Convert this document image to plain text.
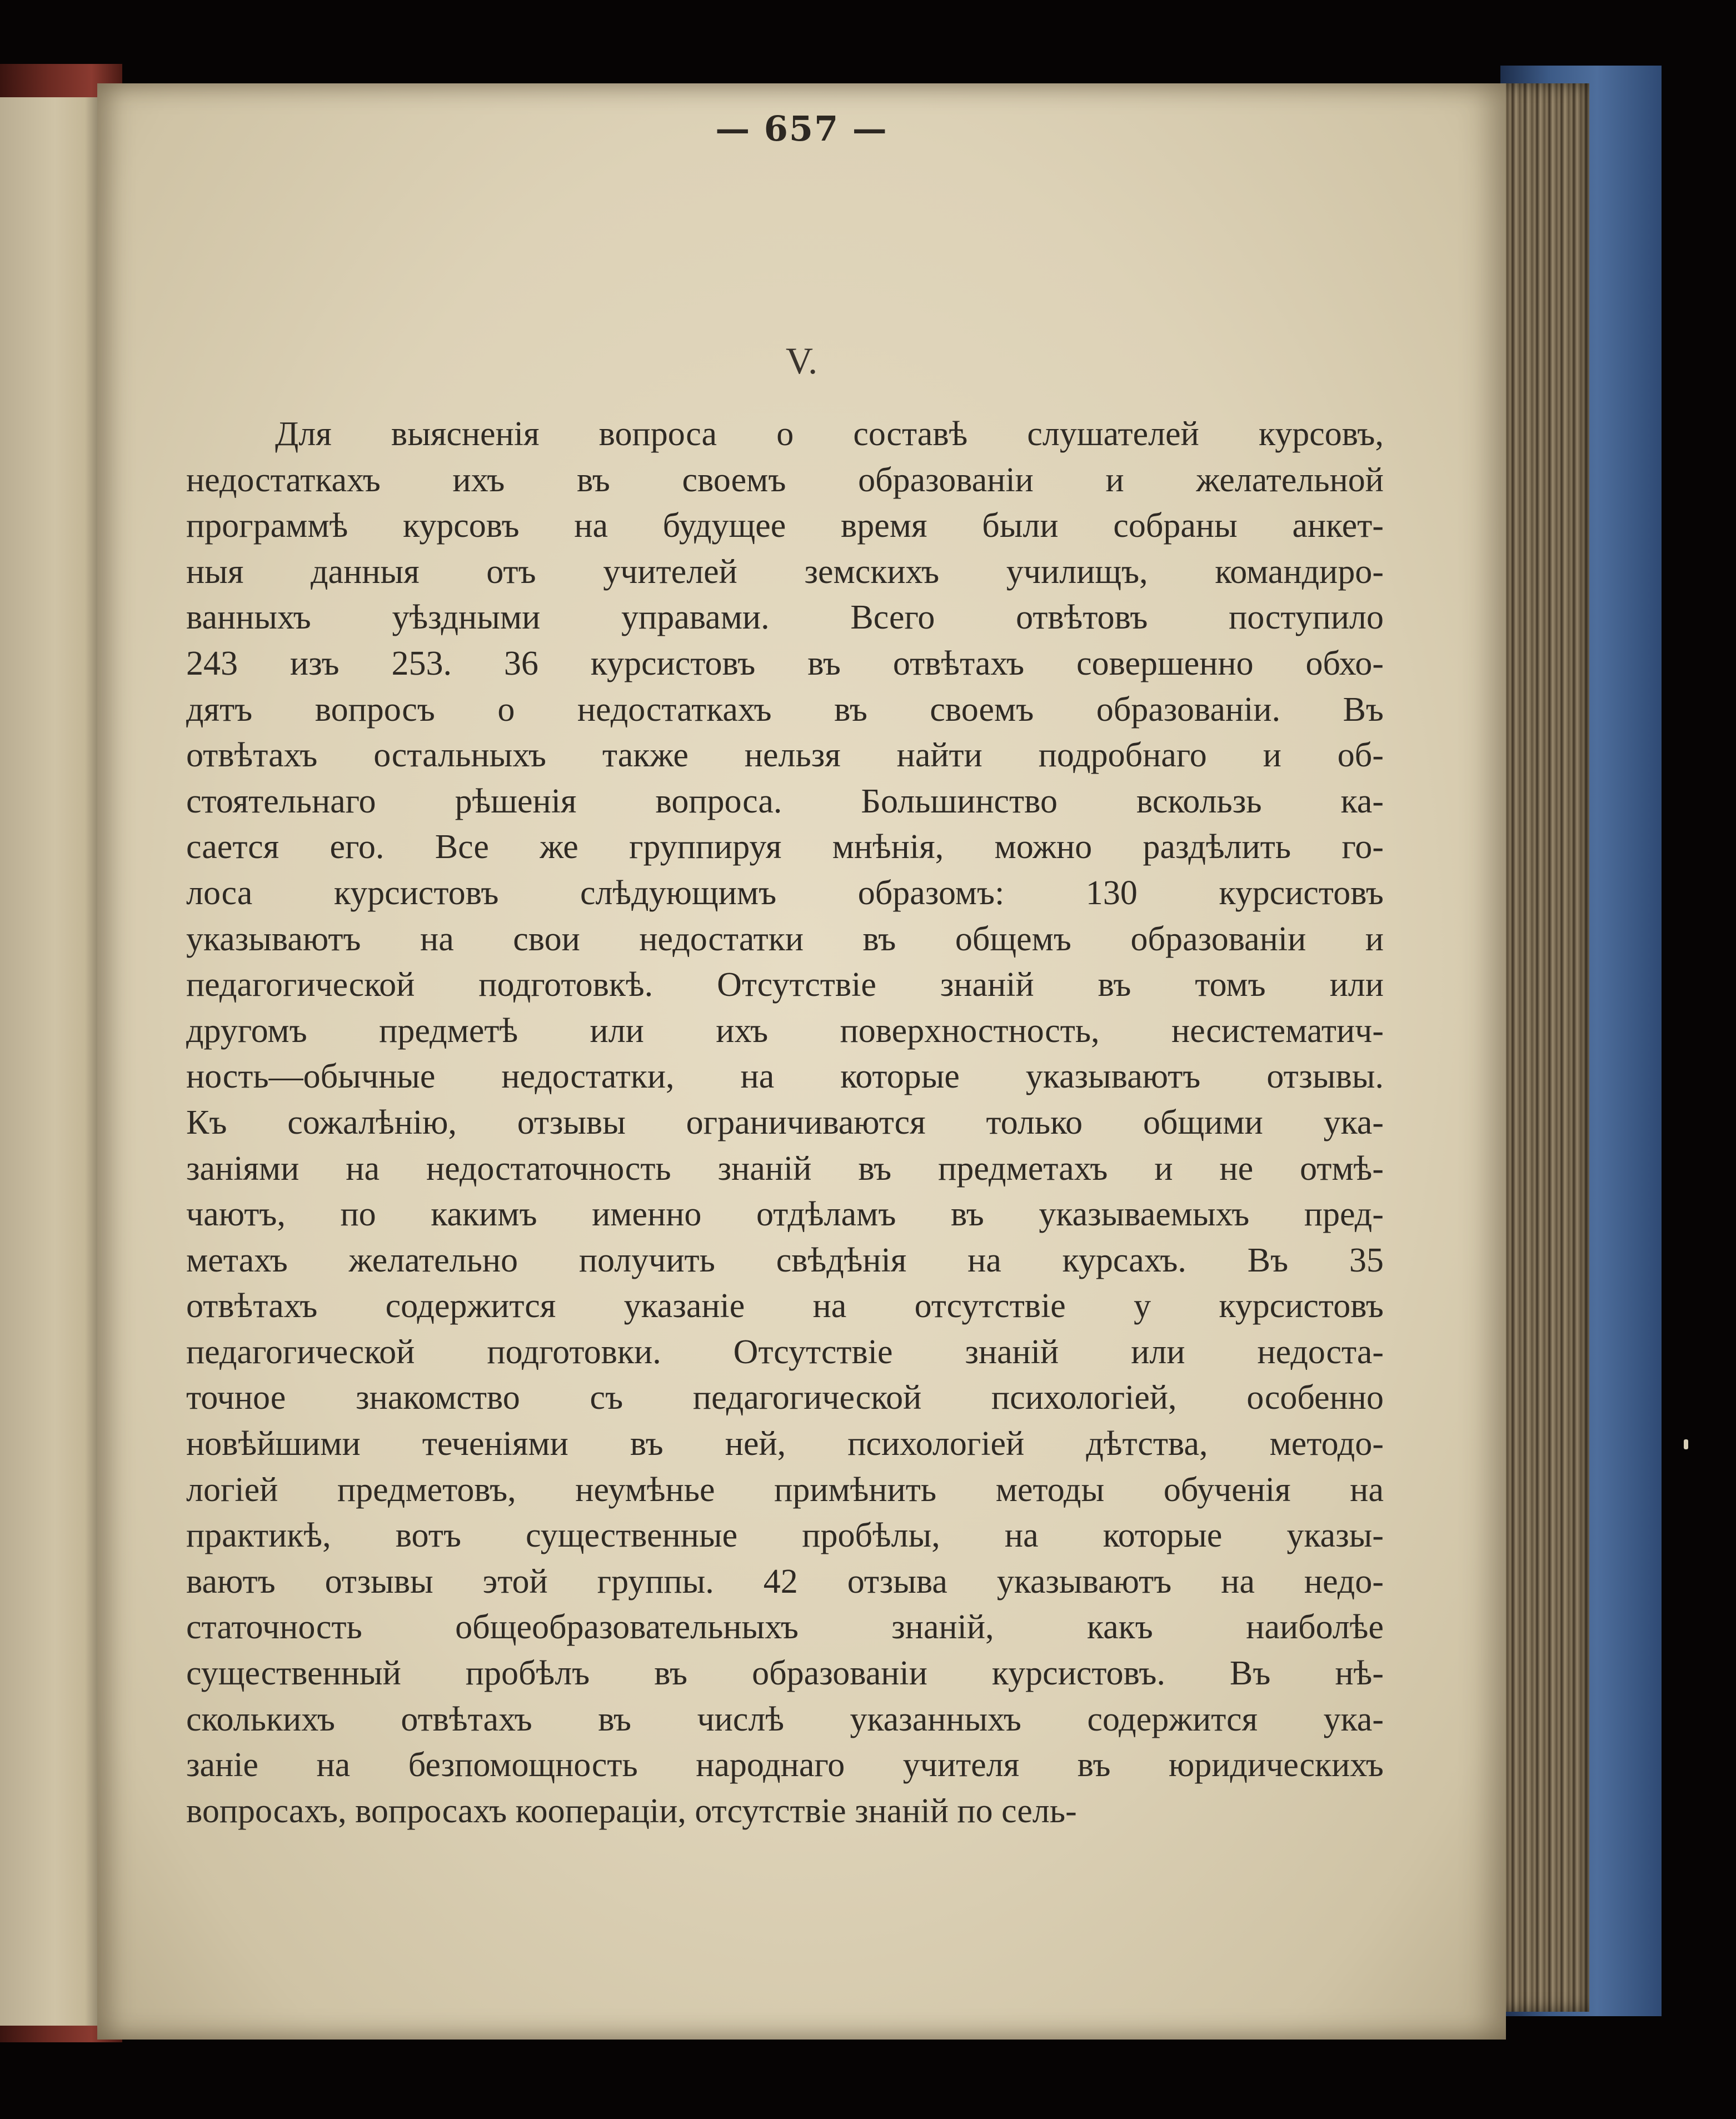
— 657 —
V.
Для выясненія вопроса о составѣ слушателей курсовъ,
недостаткахъ ихъ въ своемъ образованіи и желательной
программѣ курсовъ на будущее время были собраны анкет-
ныя данныя отъ учителей земскихъ училищъ, командиро-
ванныхъ уѣздными управами. Всего отвѣтовъ поступило
243 изъ 253. 36 курсистовъ въ отвѣтахъ совершенно обхо-
дятъ вопросъ о недостаткахъ въ своемъ образованіи. Въ
отвѣтахъ остальныхъ также нельзя найти подробнаго и об-
стоятельнаго рѣшенія вопроса. Большинство вскользь ка-
сается его. Все же группируя мнѣнія, можно раздѣлить го-
лоса курсистовъ слѣдующимъ образомъ: 130 курсистовъ
указываютъ на свои недостатки въ общемъ образованіи и
педагогической подготовкѣ. Отсутствіе знаній въ томъ или
другомъ предметѣ или ихъ поверхностность, несистематич-
ность—обычные недостатки, на которые указываютъ отзывы.
Къ сожалѣнію, отзывы ограничиваются только общими ука-
заніями на недостаточность знаній въ предметахъ и не отмѣ-
чаютъ, по какимъ именно отдѣламъ въ указываемыхъ пред-
метахъ желательно получить свѣдѣнія на курсахъ. Въ 35
отвѣтахъ содержится указаніе на отсутствіе у курсистовъ
педагогической подготовки. Отсутствіе знаній или недоста-
точное знакомство съ педагогической психологіей, особенно
новѣйшими теченіями въ ней, психологіей дѣтства, методо-
логіей предметовъ, неумѣнье примѣнить методы обученія на
практикѣ, вотъ существенные пробѣлы, на которые указы-
ваютъ отзывы этой группы. 42 отзыва указываютъ на недо-
статочность общеобразовательныхъ знаній, какъ наиболѣе
существенный пробѣлъ въ образованіи курсистовъ. Въ нѣ-
сколькихъ отвѣтахъ въ числѣ указанныхъ содержится ука-
заніе на безпомощность народнаго учителя въ юридическихъ
вопросахъ, вопросахъ коопераціи, отсутствіе знаній по сель-
